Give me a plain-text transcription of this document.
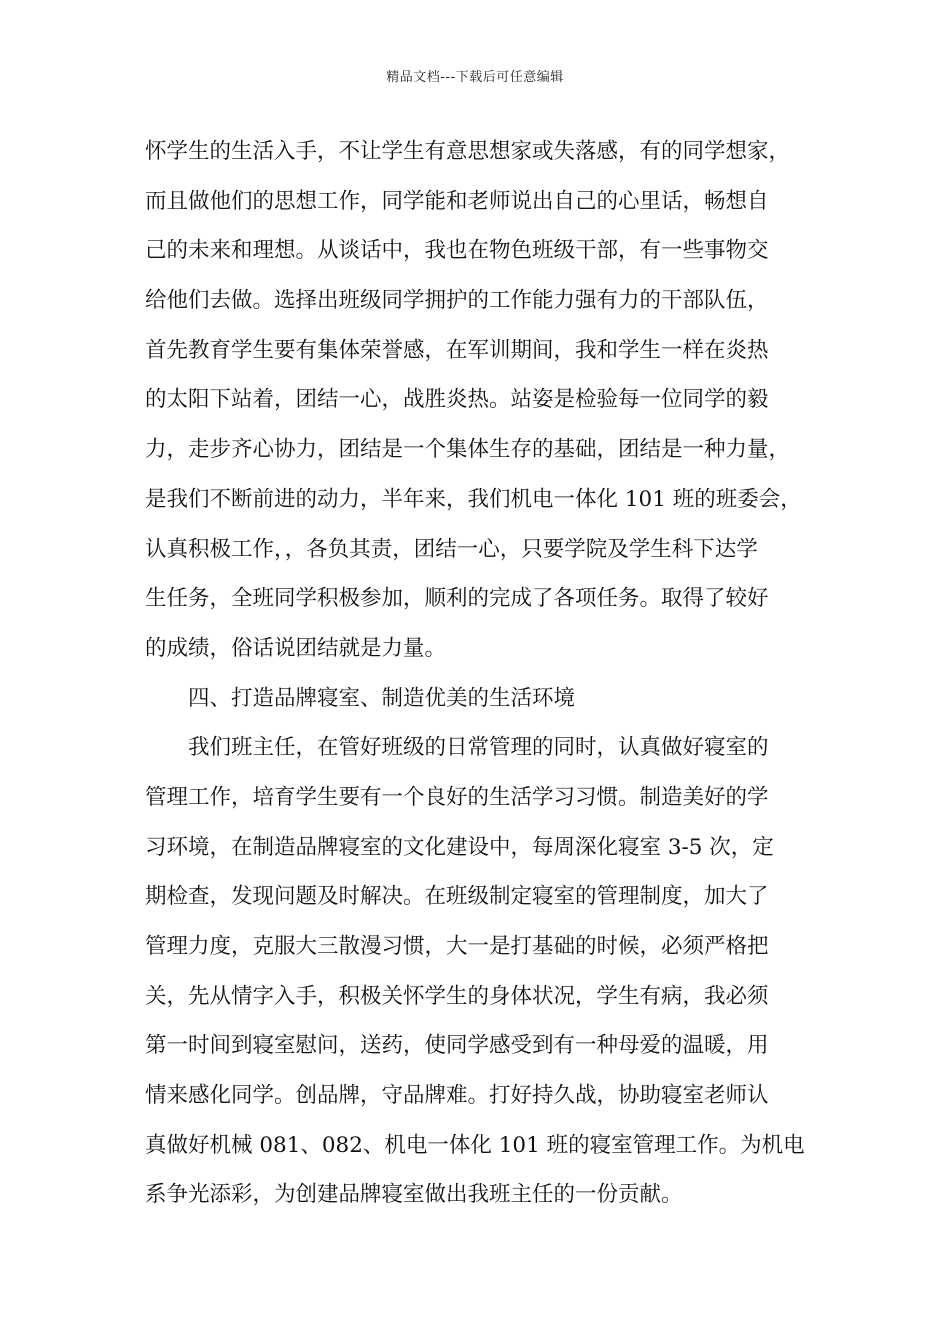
精品文档---下载后可任意编辑
怀学生的生活入手，不让学生有意思想家或失落感，有的同学想家，
而且做他们的思想工作，同学能和老师说出自己的心里话，畅想自
己的未来和理想。从谈话中，我也在物色班级干部，有一些事物交
给他们去做。选择出班级同学拥护的工作能力强有力的干部队伍，
首先教育学生要有集体荣誉感，在军训期间，我和学生一样在炎热
的太阳下站着，团结一心，战胜炎热。站姿是检验每一位同学的毅
力，走步齐心协力，团结是一个集体生存的基础，团结是一种力量，
是我们不断前进的动力，半年来，我们机电一体化 101 班的班委会，
认真积极工作，，各负其责，团结一心，只要学院及学生科下达学
生任务，全班同学积极参加，顺利的完成了各项任务。取得了较好
的成绩，俗话说团结就是力量。
　　四、打造品牌寝室、制造优美的生活环境
　　我们班主任，在管好班级的日常管理的同时，认真做好寝室的
管理工作，培育学生要有一个良好的生活学习习惯。制造美好的学
习环境，在制造品牌寝室的文化建设中，每周深化寝室 3-5 次，定
期检查，发现问题及时解决。在班级制定寝室的管理制度，加大了
管理力度，克服大三散漫习惯，大一是打基础的时候，必须严格把
关，先从情字入手，积极关怀学生的身体状况，学生有病，我必须
第一时间到寝室慰问，送药，使同学感受到有一种母爱的温暖，用
情来感化同学。创品牌，守品牌难。打好持久战，协助寝室老师认
真做好机械 081、082、机电一体化 101 班的寝室管理工作。为机电
系争光添彩，为创建品牌寝室做出我班主任的一份贡献。
